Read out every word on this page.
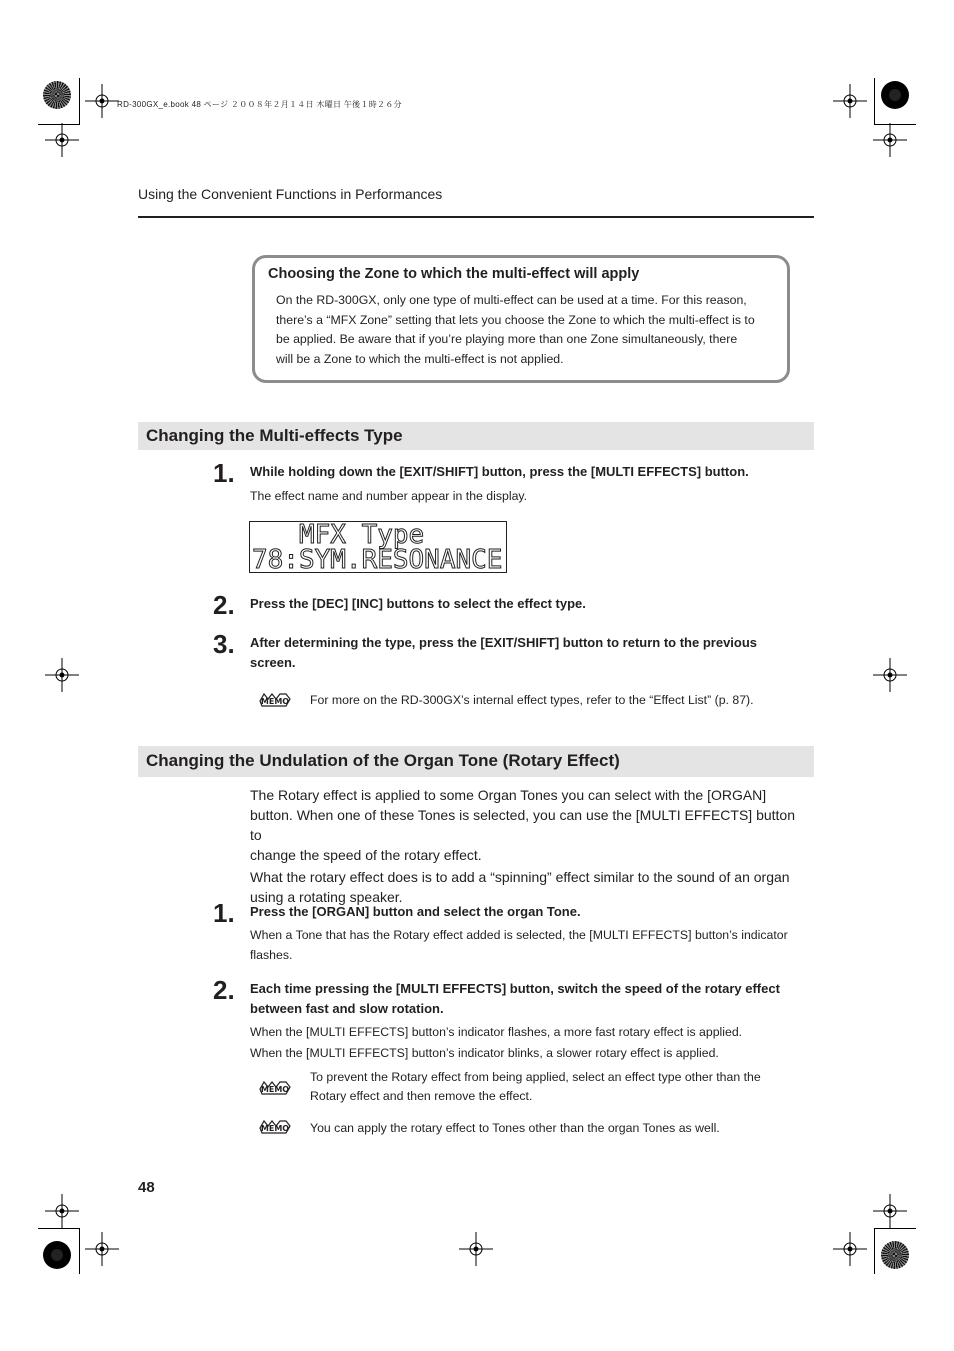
RD-300GX_e.book 48 ページ ２００８年２月１４日 木曜日 午後１時２６分
Using the Convenient Functions in Performances
Choosing the Zone to which the multi-effect will apply
On the RD-300GX, only one type of multi-effect can be used at a time. For this reason,
there’s a “MFX Zone” setting that lets you choose the Zone to which the multi-effect is to
be applied. Be aware that if you’re playing more than one Zone simultaneously, there
will be a Zone to which the multi-effect is not applied.
Changing the Multi-effects Type
1. While holding down the [EXIT/SHIFT] button, press the [MULTI EFFECTS] button.
The effect name and number appear in the display.
MFX Type
78:SYM.RESONANCE
2. Press the [DEC] [INC] buttons to select the effect type.
3. After determining the type, press the [EXIT/SHIFT] button to return to the previous
screen.
MEMO For more on the RD-300GX’s internal effect types, refer to the “Effect List” (p. 87).
Changing the Undulation of the Organ Tone (Rotary Effect)
The Rotary effect is applied to some Organ Tones you can select with the [ORGAN]
button. When one of these Tones is selected, you can use the [MULTI EFFECTS] button to
change the speed of the rotary effect.
What the rotary effect does is to add a “spinning” effect similar to the sound of an organ
using a rotating speaker.
1. Press the [ORGAN] button and select the organ Tone.
When a Tone that has the Rotary effect added is selected, the [MULTI EFFECTS] button’s indicator
flashes.
2. Each time pressing the [MULTI EFFECTS] button, switch the speed of the rotary effect
between fast and slow rotation.
When the [MULTI EFFECTS] button’s indicator flashes, a more fast rotary effect is applied.
When the [MULTI EFFECTS] button’s indicator blinks, a slower rotary effect is applied.
MEMO
To prevent the Rotary effect from being applied, select an effect type other than the
Rotary effect and then remove the effect.
MEMO You can apply the rotary effect to Tones other than the organ Tones as well.
48
